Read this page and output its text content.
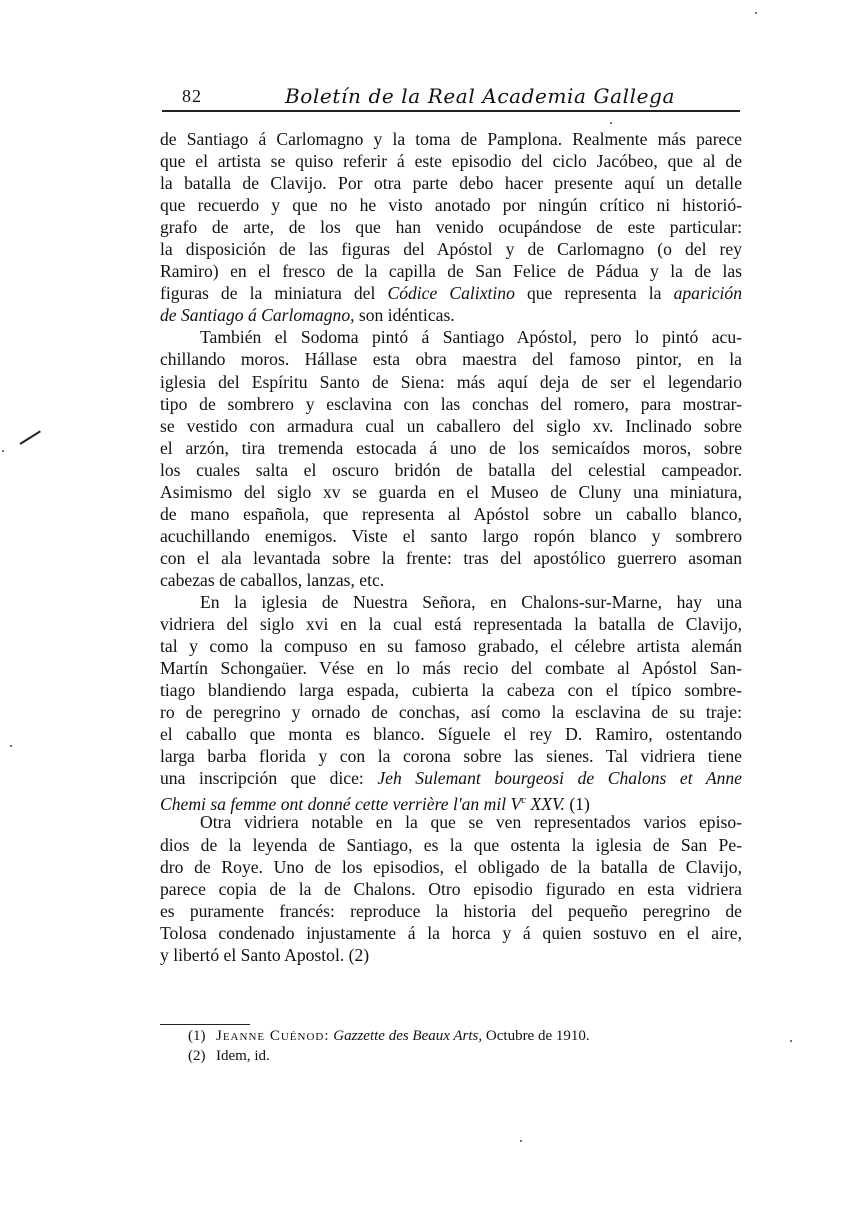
82	Boletín de la Real Academia Gallega
de Santiago á Carlomagno y la toma de Pamplona. Realmente más parece
que el artista se quiso referir á este episodio del ciclo Jacóbeo, que al de
la batalla de Clavijo. Por otra parte debo hacer presente aquí un detalle
que recuerdo y que no he visto anotado por ningún crítico ni historió-
grafo de arte, de los que han venido ocupándose de este particular:
la disposición de las figuras del Apóstol y de Carlomagno (o del rey
Ramiro) en el fresco de la capilla de San Felice de Pádua y la de las
figuras de la miniatura del Códice Calixtino que representa la aparición
de Santiago á Carlomagno, son idénticas.
También el Sodoma pintó á Santiago Apóstol, pero lo pintó acu-
chillando moros. Hállase esta obra maestra del famoso pintor, en la
iglesia del Espíritu Santo de Siena: más aquí deja de ser el legendario
tipo de sombrero y esclavina con las conchas del romero, para mostrar-
se vestido con armadura cual un caballero del siglo xv. Inclinado sobre
el arzón, tira tremenda estocada á uno de los semicaídos moros, sobre
los cuales salta el oscuro bridón de batalla del celestial campeador.
Asimismo del siglo xv se guarda en el Museo de Cluny una miniatura,
de mano española, que representa al Apóstol sobre un caballo blanco,
acuchillando enemigos. Viste el santo largo ropón blanco y sombrero
con el ala levantada sobre la frente: tras del apostólico guerrero asoman
cabezas de caballos, lanzas, etc.
En la iglesia de Nuestra Señora, en Chalons-sur-Marne, hay una
vidriera del siglo xvi en la cual está representada la batalla de Clavijo,
tal y como la compuso en su famoso grabado, el célebre artista alemán
Martín Schongaüer. Vése en lo más recio del combate al Apóstol San-
tiago blandiendo larga espada, cubierta la cabeza con el típico sombre-
ro de peregrino y ornado de conchas, así como la esclavina de su traje:
el caballo que monta es blanco. Síguele el rey D. Ramiro, ostentando
larga barba florida y con la corona sobre las sienes. Tal vidriera tiene
una inscripción que dice: Jeh Sulemant bourgeosi de Chalons et Anne
Chemi sa femme ont donné cette verrière l'an mil $V^c$ XXV. (1)
Otra vidriera notable en la que se ven representados varios episo-
dios de la leyenda de Santiago, es la que ostenta la iglesia de San Pe-
dro de Roye. Uno de los episodios, el obligado de la batalla de Clavijo,
parece copia de la de Chalons. Otro episodio figurado en esta vidriera
es puramente francés: reproduce la historia del pequeño peregrino de
Tolosa condenado injustamente á la horca y á quien sostuvo en el aire,
y libertó el Santo Apostol. (2)
(1) Jeanne Cuénod: Gazzette des Beaux Arts, Octubre de 1910.
(2) Idem, id.
